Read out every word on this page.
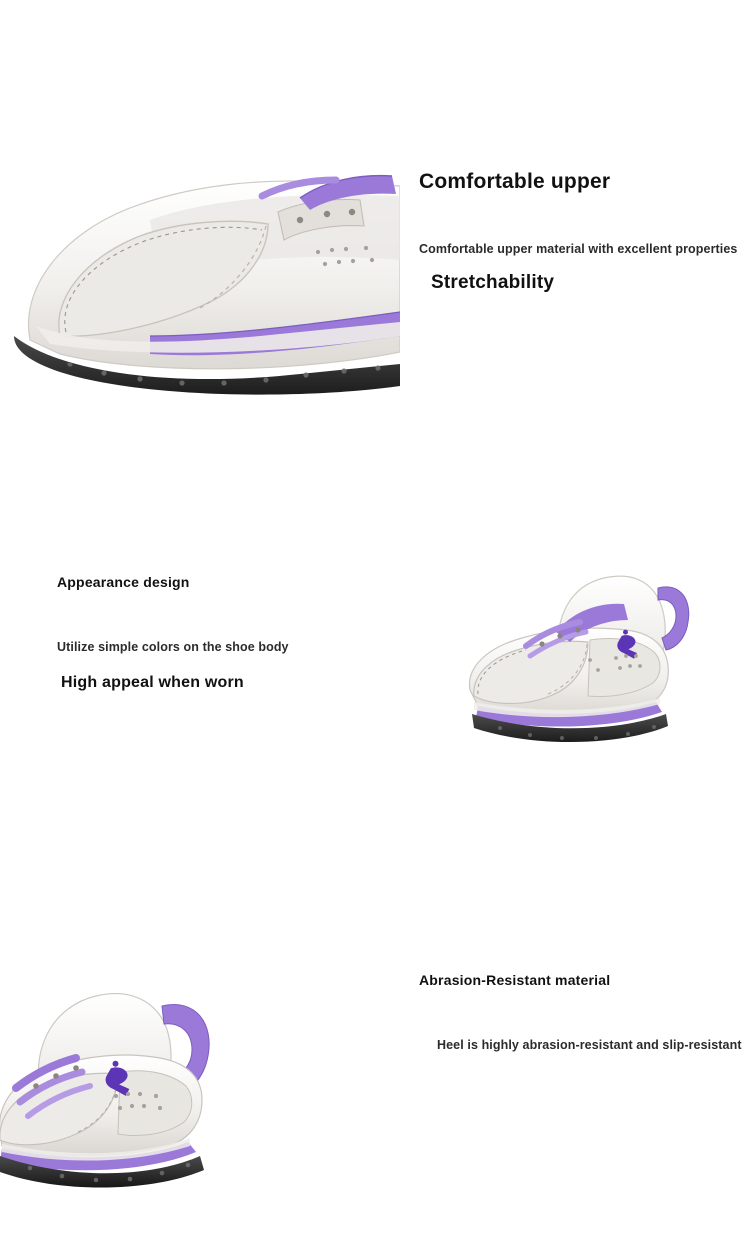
Comfortable upper
Comfortable upper material with excellent properties
Stretchability
Appearance design
Utilize simple colors on the shoe body
High appeal when worn
Abrasion-Resistant material
Heel is highly abrasion-resistant and slip-resistant
